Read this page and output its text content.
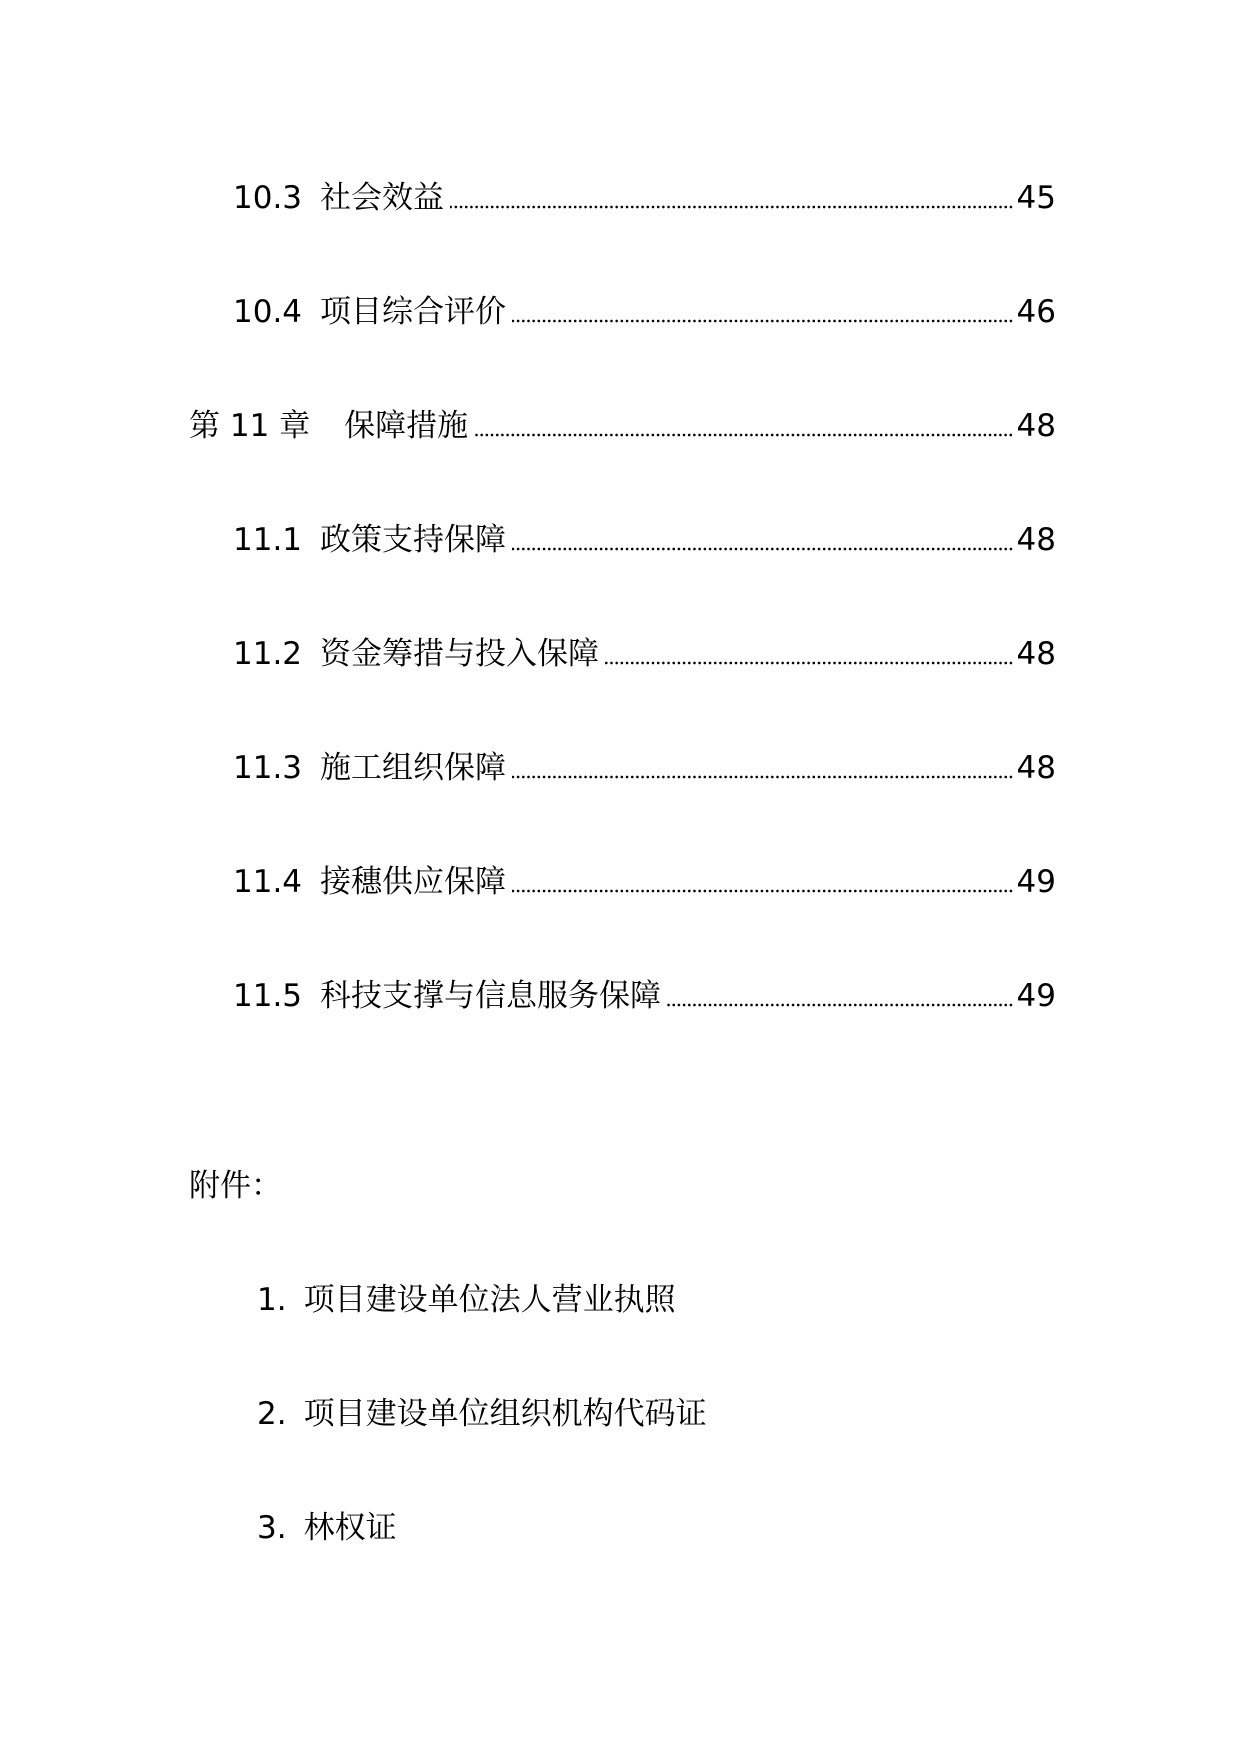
10.3 社会效益	45
10.4 项目综合评价	46
第 11 章 保障措施	48
11.1 政策支持保障	48
11.2 资金筹措与投入保障	48
11.3 施工组织保障	48
11.4 接穗供应保障	49
11.5 科技支撑与信息服务保障	49
附件：
1. 项目建设单位法人营业执照
2. 项目建设单位组织机构代码证
3. 林权证
